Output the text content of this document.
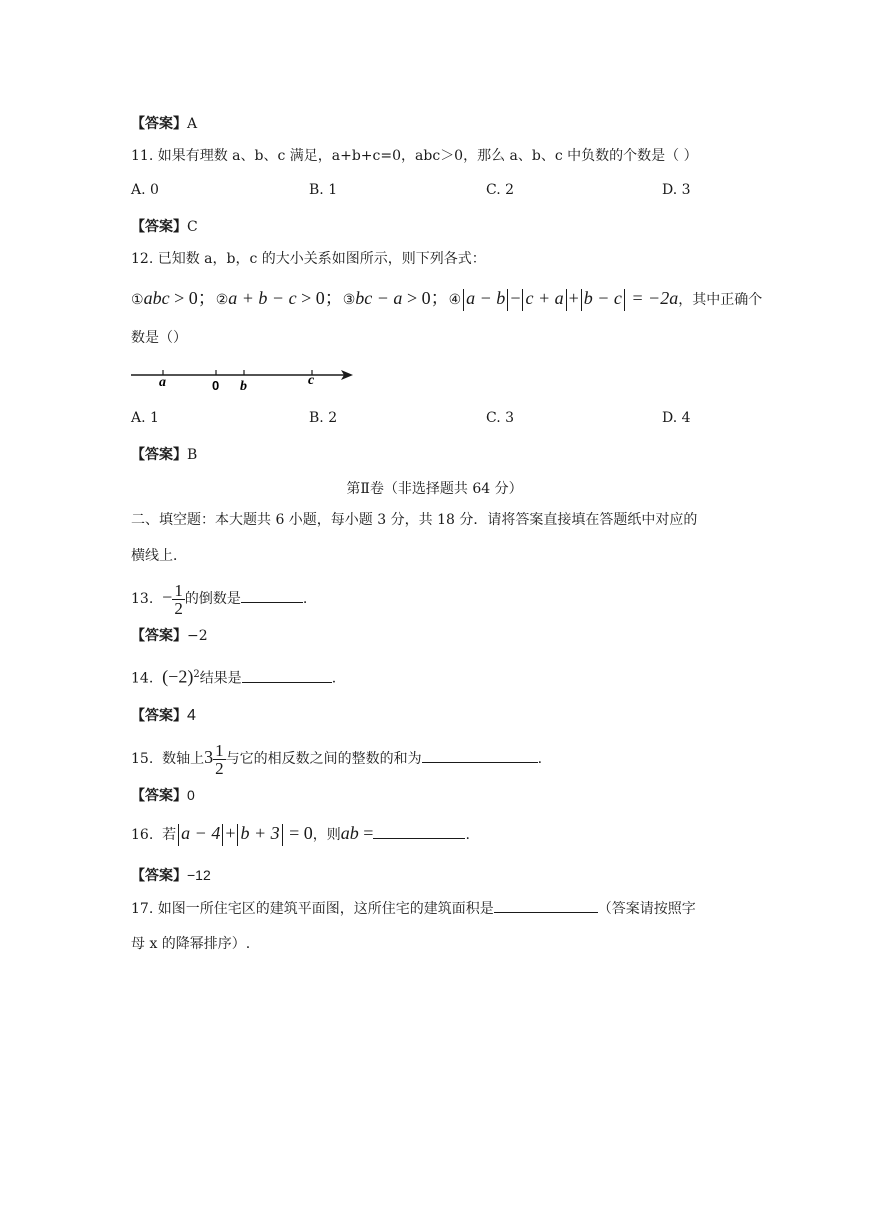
【答案】A
11. 如果有理数 a、b、c 满足，a+b+c=0，abc＞0，那么 a、b、c 中负数的个数是（ ）
A. 0	B. 1	C. 2	D. 3
【答案】C
12. 已知数 a，b，c 的大小关系如图所示，则下列各式：
①abc > 0；②a + b − c > 0；③bc − a > 0；④ a − b − c + a + b − c = −2a，其中正确个
数是（）
a	0 b	c
A. 1	B. 2	C. 3	D. 4
【答案】B
第Ⅱ卷（非选择题共 64 分）
二、填空题：本大题共 6 小题，每小题 3 分，共 18 分．请将答案直接填在答题纸中对应的
横线上．
13. − $\frac{1}{2}$ 的倒数是	.
【答案】−2
14. $(-2)^2$结果是	.
【答案】4
15. 数轴上$3 \frac{1}{2}$ 与它的相反数之间的整数的和为	.
【答案】0
16. 若 a − 4 + b + 3 = 0，则ab =	.
【答案】−12
17. 如图一所住宅区的建筑平面图，这所住宅的建筑面积是	（答案请按照字
母 x 的降幂排序）.
